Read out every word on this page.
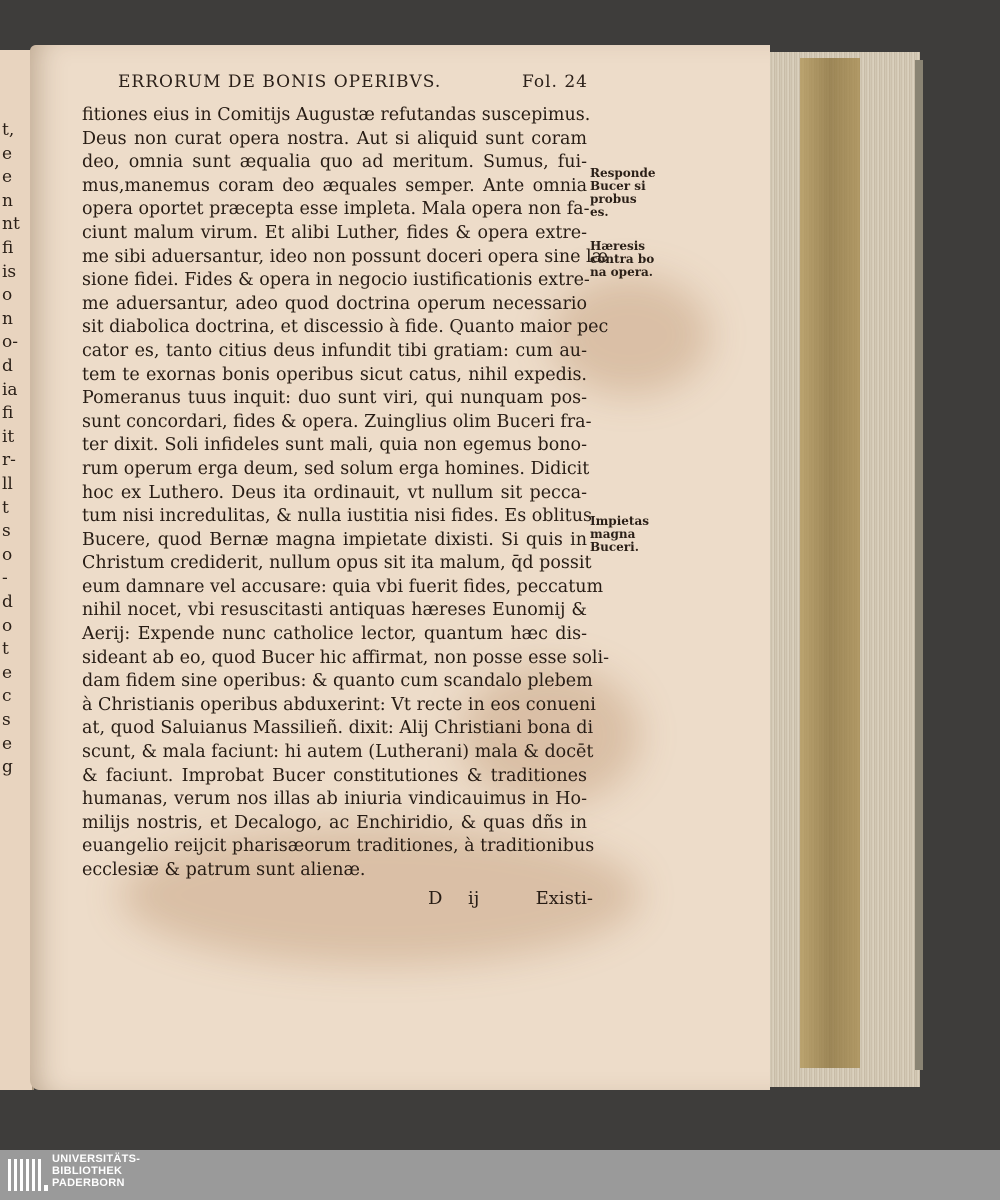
t,
e
e
n
nt
fi
is
o
n
o-
d
ia
fi
it
r-
ll
t
s
o
-
d
o
t
e
c
s
e
g
ERRORUM DE BONIS OPERIBVS.	Fol. 24
fitiones eius in Comitijs Augustæ refutandas suscepimus.
Deus non curat opera nostra. Aut si aliquid sunt coram
deo, omnia sunt æqualia quo ad meritum. Sumus, fui-
mus,manemus coram deo æquales semper. Ante omnia
opera oportet præcepta esse impleta. Mala opera non fa-
ciunt malum virum. Et alibi Luther, fides & opera extre-
me sibi aduersantur, ideo non possunt doceri opera sine læ
sione fidei. Fides & opera in negocio iustificationis extre-
me aduersantur, adeo quod doctrina operum necessario
sit diabolica doctrina, et discessio à fide. Quanto maior pec
cator es, tanto citius deus infundit tibi gratiam: cum au-
tem te exornas bonis operibus sicut catus, nihil expedis.
Pomeranus tuus inquit: duo sunt viri, qui nunquam pos-
sunt concordari, fides & opera. Zuinglius olim Buceri fra-
ter dixit. Soli infideles sunt mali, quia non egemus bono-
rum operum erga deum, sed solum erga homines. Didicit
hoc ex Luthero. Deus ita ordinauit, vt nullum sit pecca-
tum nisi incredulitas, & nulla iustitia nisi fides. Es oblitus
Bucere, quod Bernæ magna impietate dixisti. Si quis in
Christum crediderit, nullum opus sit ita malum, q̄d possit
eum damnare vel accusare: quia vbi fuerit fides, peccatum
nihil nocet, vbi resuscitasti antiquas hæreses Eunomij &
Aerij: Expende nunc catholice lector, quantum hæc dis-
sideant ab eo, quod Bucer hic affirmat, non posse esse soli-
dam fidem sine operibus: & quanto cum scandalo plebem
à Christianis operibus abduxerint: Vt recte in eos conueni
at, quod Saluianus Massilieñ. dixit: Alij Christiani bona di
scunt, & mala faciunt: hi autem (Lutherani) mala & docēt
& faciunt. Improbat Bucer constitutiones & traditiones
humanas, verum nos illas ab iniuria vindicauimus in Ho-
milijs nostris, et Decalogo, ac Enchiridio, & quas dñs in
euangelio reijcit pharisæorum traditiones, à traditionibus
ecclesiæ & patrum sunt alienæ.
Responde
Bucer si
probus
es.
Hæresis
contra bo
na opera.
Impietas
magna
Buceri.
D ij	Existi-
UNIVERSITÄTS-
BIBLIOTHEK
PADERBORN
